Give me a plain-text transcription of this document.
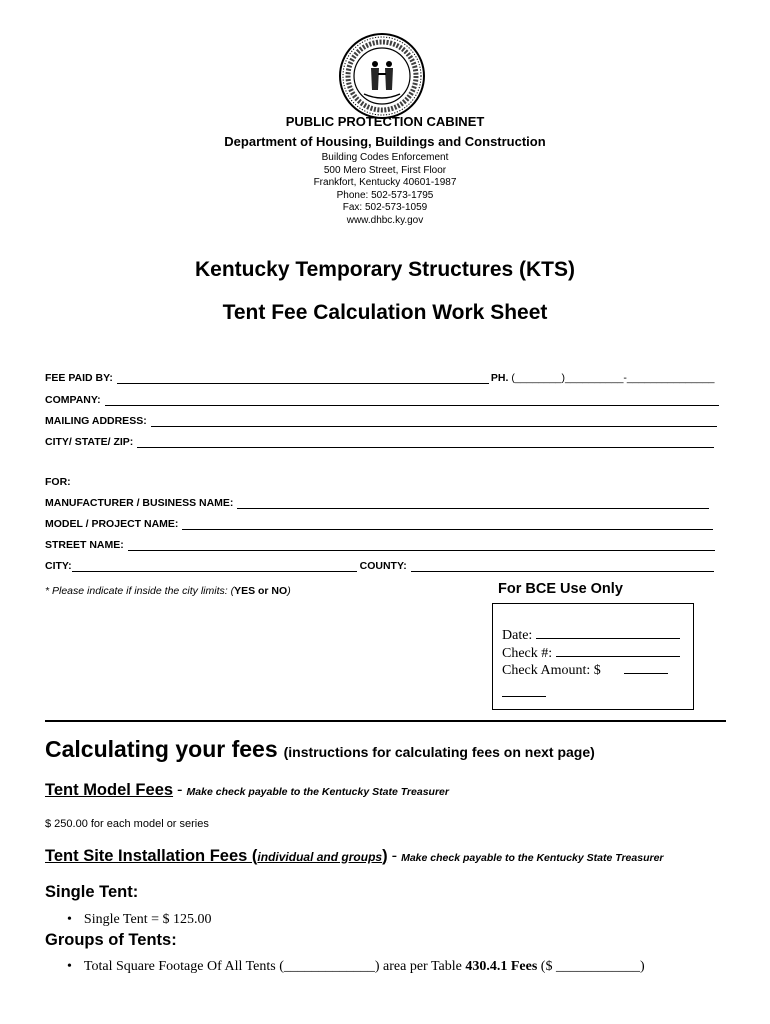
PUBLIC PROTECTION CABINET
Department of Housing, Buildings and Construction
Building Codes Enforcement
500 Mero Street, First Floor
Frankfort, Kentucky 40601-1987
Phone: 502-573-1795
Fax: 502-573-1059
www.dhbc.ky.gov
Kentucky Temporary Structures (KTS)
Tent Fee Calculation Work Sheet
FEE PAID BY:	PH. (________)__________-_______________
COMPANY:
MAILING ADDRESS:
CITY/ STATE/ ZIP:
FOR:
MANUFACTURER / BUSINESS NAME:
MODEL / PROJECT NAME:
STREET NAME:
CITY:	COUNTY:
* Please indicate if inside the city limits: (YES or NO)	For BCE Use Only
Date:
Check #:
Check Amount: $
Calculating your fees (instructions for calculating fees on next page)
Tent Model Fees - Make check payable to the Kentucky State Treasurer
$ 250.00 for each model or series
Tent Site Installation Fees (individual and groups) - Make check payable to the Kentucky State Treasurer
Single Tent:
• Single Tent = $ 125.00
Groups of Tents:
• Total Square Footage Of All Tents (_____________) area per Table 430.4.1 Fees ($ ____________)
